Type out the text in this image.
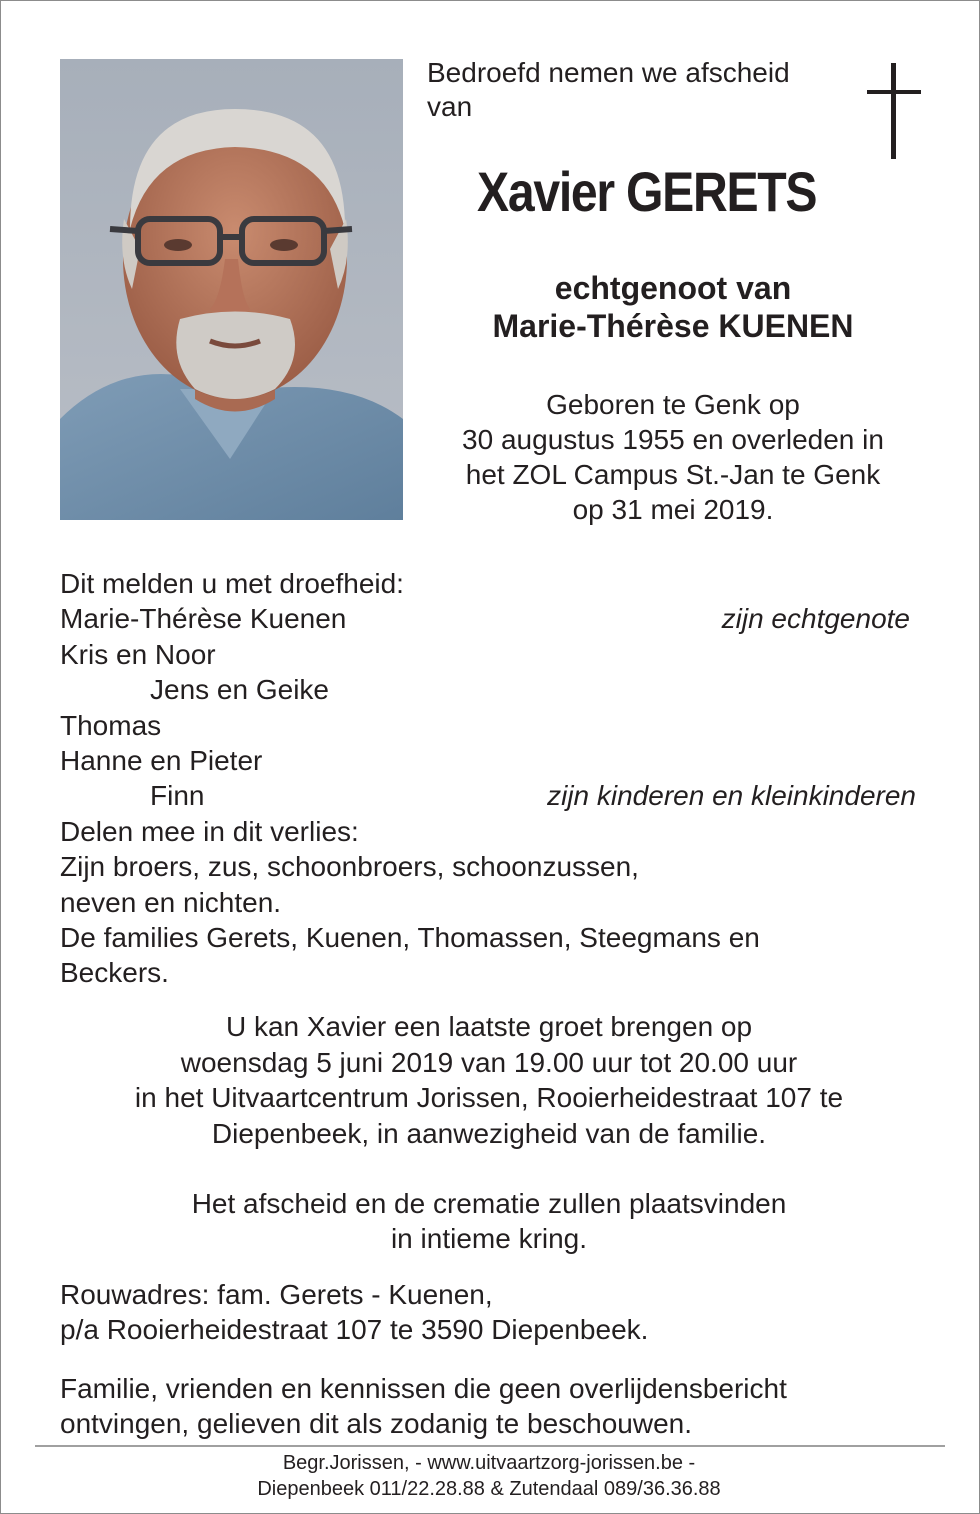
Bedroefd nemen we afscheid
van
Xavier GERETS
echtgenoot van
Marie-Thérèse KUENEN
Geboren te Genk op
30 augustus 1955 en overleden in
het ZOL Campus St.-Jan te Genk
op 31 mei 2019.
Dit melden u met droefheid:
Marie-Thérèse Kuenen	zijn echtgenote
Kris en Noor
Jens en Geike
Thomas
Hanne en Pieter
Finn	zijn kinderen en kleinkinderen
Delen mee in dit verlies:
Zijn broers, zus, schoonbroers, schoonzussen,
neven en nichten.
De families Gerets, Kuenen, Thomassen, Steegmans en
Beckers.
U kan Xavier een laatste groet brengen op
woensdag 5 juni 2019 van 19.00 uur tot 20.00 uur
in het Uitvaartcentrum Jorissen, Rooierheidestraat 107 te
Diepenbeek, in aanwezigheid van de familie.
Het afscheid en de crematie zullen plaatsvinden
in intieme kring.
Rouwadres: fam. Gerets - Kuenen,
p/a Rooierheidestraat 107 te 3590 Diepenbeek.
Familie, vrienden en kennissen die geen overlijdensbericht
ontvingen, gelieven dit als zodanig te beschouwen.
Begr.Jorissen, - www.uitvaartzorg-jorissen.be -
Diepenbeek 011/22.28.88 & Zutendaal 089/36.36.88
